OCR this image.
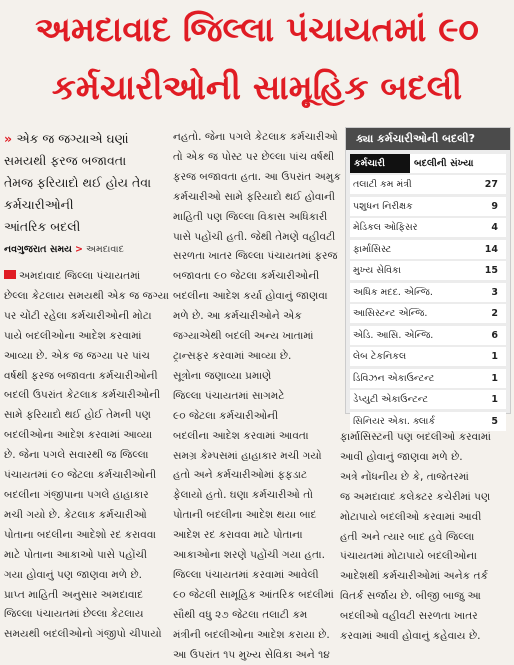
અમદાવાદ જિલ્લા પંચાયતમાં ૯૦
કર્મચારીઓની સામૂહિક બદલી
» એક જ જગ્યાએ ઘણાં
સમયથી ફરજ બજાવતા
તેમજ ફરિયાદો થઈ હોય તેવા
કર્મચારીઓની
આંતરિક બદલી
નવગુજરાત સમય > અમદાવાદ
અમદાવાદ જિલ્લા પંચાયતમાં
છેલ્લા કેટલાય સમયથી એક જ જગ્યા
પર ચોંટી રહેલા કર્મચારીઓની મોટા
પાયે બદલીઓના આદેશ કરવામાં
આવ્યા છે. એક જ જગ્યા પર પાંચ
વર્ષથી ફરજ બજાવતા કર્મચારીઓની
બદલી ઉપરાંત કેટલાક કર્મચારીઓની
સામે ફરિયાદો થઈ હોઈ તેમની પણ
બદલીઓના આદેશ કરવામાં આવ્યા
છે. જેના પગલે સવારથી જ જિલ્લા
પંચાયતમાં ૯૦ જેટલા કર્મચારીઓની
બદલીના ગંજીપાના પગલે હાહાકાર
મચી ગયો છે. કેટલાક કર્મચારીઓ
પોતાના બદલીના આદેશો રદ કરાવવા
માટે પોતાના આકાઓ પાસે પહોંચી
ગયા હોવાનું પણ જાણવા મળે છે.
પ્રાપ્ત માહિતી અનુસાર અમદાવાદ
જિલ્લા પંચાયતમાં છેલ્લા કેટલાય
સમયથી બદલીઓનો ગંજીપો ચીપાયો
નહતો. જેના પગલે કેટલાક કર્મચારીઓ
તો એક જ પોસ્ટ પર છેલ્લા પાંચ વર્ષથી
ફરજ બજાવતા હતા. આ ઉપરાંત અમુક
કર્મચારીઓ સામે ફરિયાદો થઈ હોવાની
માહિતી પણ જિલ્લા વિકાસ અધિકારી
પાસે પહોંચી હતી. જેથી તેમણે વહીવટી
સરળતા ખાતર જિલ્લા પંચાયતમાં ફરજ
બજાવતા ૯૦ જેટલા કર્મચારીઓની
બદલીના આદેશ કર્યા હોવાનું જાણવા
મળે છે. આ કર્મચારીઓને એક
જગ્યાએથી બદલી અન્ય ખાતામાં
ટ્રાન્સફર કરવામાં આવ્યા છે.
સૂત્રોના જણાવ્યા પ્રમાણે
જિલ્લા પંચાયતમાં સાગમટે
૯૦ જેટલા કર્મચારીઓની
બદલીના આદેશ કરવામાં આવતા
સમગ્ર કેમ્પસમાં હાહાકાર મચી ગયો
હતો અને કર્મચારીઓમાં ફફડાટ
ફેલાયો હતો. ઘણા કર્મચારીઓ તો
પોતાની બદલીના આદેશ થયા બાદ
આદેશ રદ કરાવવા માટે પોતાના
આકાઓના શરણે પહોંચી ગયા હતા.
જિલ્લા પંચાયતમાં કરવામાં આવેલી
૯૦ જેટલી સામૂહિક આંતરિક બદલીમાં
સૌથી વધુ ૨૭ જેટલા તલાટી કમ
મંત્રીની બદલીઓના આદેશ કરાયા છે.
આ ઉપરાંત ૧૫ મુખ્ય સેવિકા અને ૧૪
ફાર્માસિસ્ટની પણ બદલીઓ કરવામાં
આવી હોવાનું જાણવા મળે છે.
અત્રે નોંધનીય છે કે, તાજેતરમાં
જ અમદાવાદ કલેક્ટર કચેરીમાં પણ
મોટાપાયે બદલીઓ કરવામાં આવી
હતી અને ત્યાર બાદ હવે જિલ્લા
પંચાયતમાં મોટાપાયે બદલીઓના
આદેશથી કર્મચારીઓમાં અનેક તર્ક
વિતર્ક સર્જાય છે. બીજી બાજુ આ
બદલીઓ વહીવટી સરળતા ખાતર
કરવામાં આવી હોવાનું કહેવાય છે.
ક્યા કર્મચારીઓની બદલી?
કર્મચારી	બદલીની સંખ્યા
તલાટી કમ મંત્રી	27
પશુધન નિરીક્ષક	9
મેડિકલ ઓફિસર	4
ફાર્માસિસ્ટ	14
મુખ્ય સેવિકા	15
અધિક મદદ. એન્જિ.	3
આસિસ્ટન્ટ એન્જિ.	2
એડિ. આસિ. એન્જિ.	6
લેબ ટેકનિકલ	1
ડિવિઝન એકાઉન્ટન્ટ	1
ડેપ્યુટી એકાઉન્ટન્ટ	1
સિનિયર એકા. ક્લાર્ક	5
